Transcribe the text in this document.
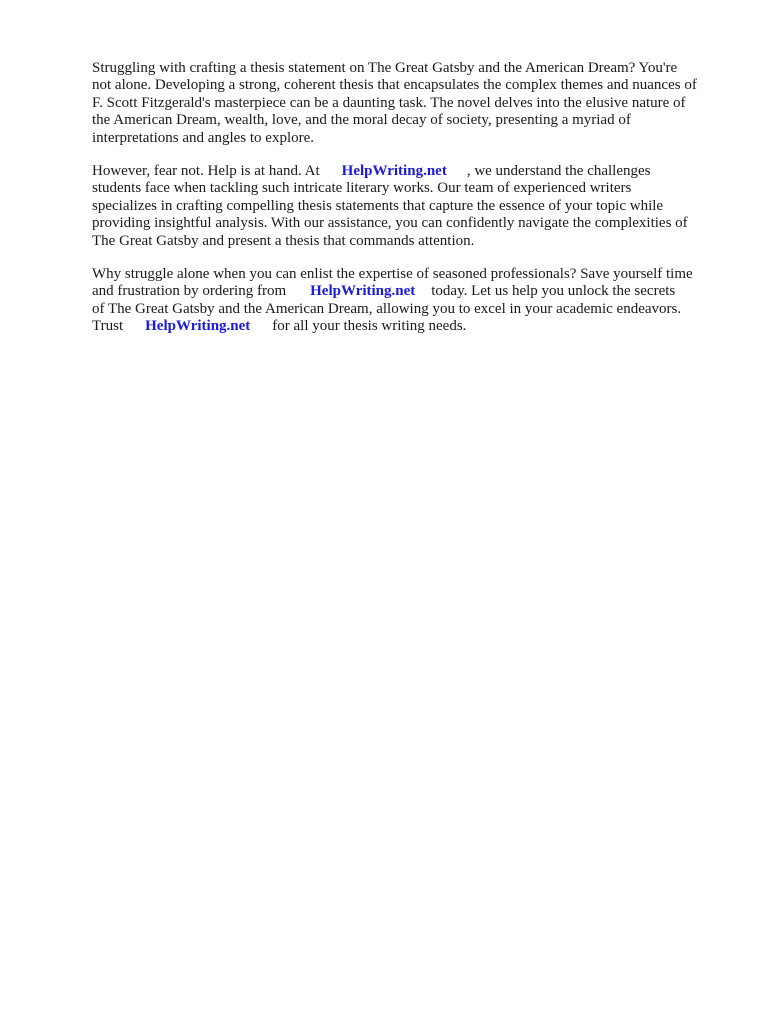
Struggling with crafting a thesis statement on The Great Gatsby and the American Dream? You're
not alone. Developing a strong, coherent thesis that encapsulates the complex themes and nuances of
F. Scott Fitzgerald's masterpiece can be a daunting task. The novel delves into the elusive nature of
the American Dream, wealth, love, and the moral decay of society, presenting a myriad of
interpretations and angles to explore.

However, fear not. Help is at hand. At HelpWriting.net , we understand the challenges
students face when tackling such intricate literary works. Our team of experienced writers
specializes in crafting compelling thesis statements that capture the essence of your topic while
providing insightful analysis. With our assistance, you can confidently navigate the complexities of
The Great Gatsby and present a thesis that commands attention.

Why struggle alone when you can enlist the expertise of seasoned professionals? Save yourself time
and frustration by ordering from HelpWriting.net today. Let us help you unlock the secrets
of The Great Gatsby and the American Dream, allowing you to excel in your academic endeavors.
Trust HelpWriting.net for all your thesis writing needs.
